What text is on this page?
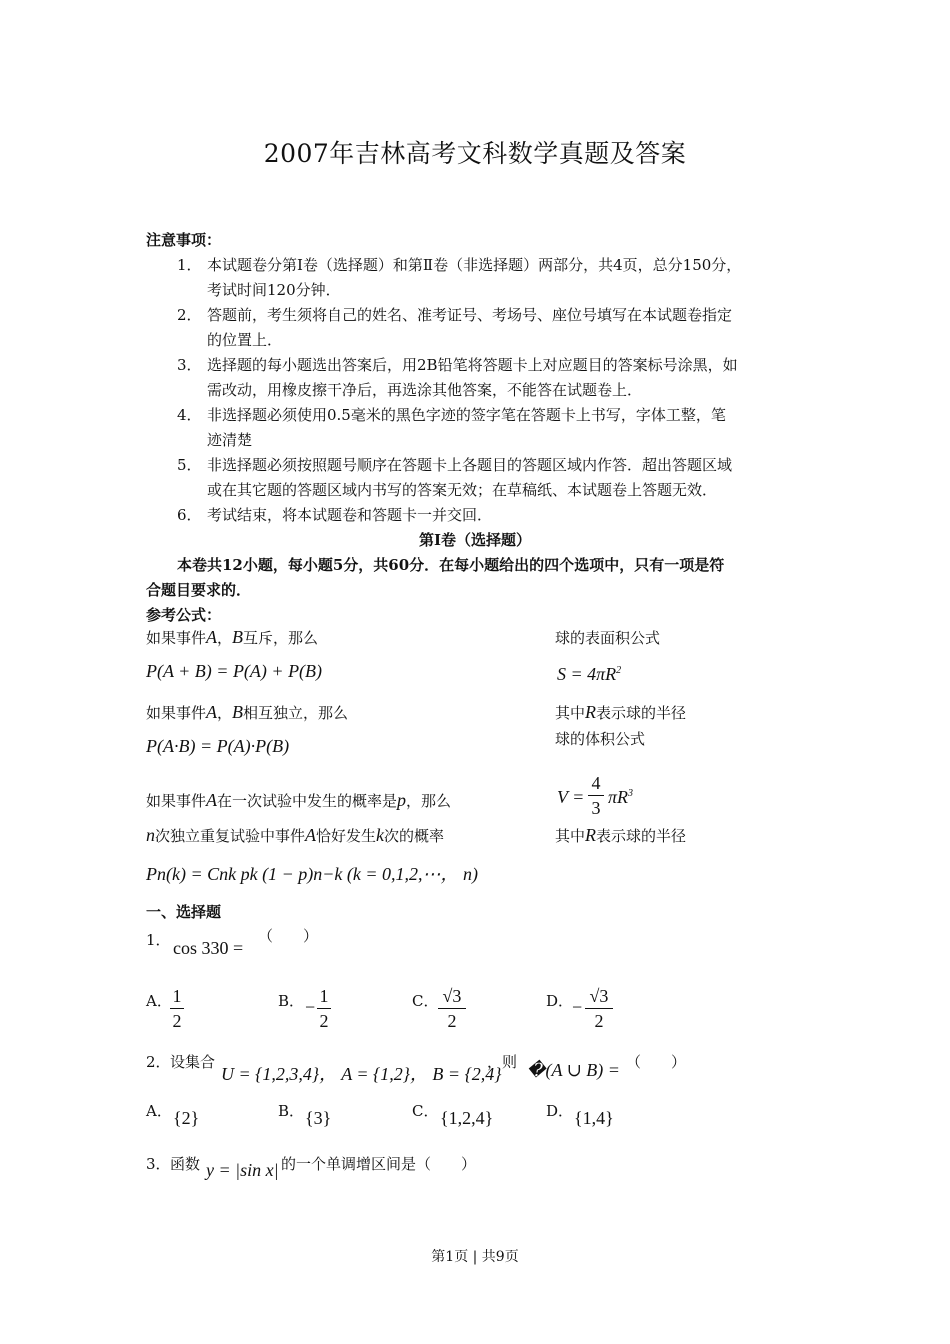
2007年吉林高考文科数学真题及答案
注意事项：
1． 本试题卷分第Ⅰ卷（选择题）和第Ⅱ卷（非选择题）两部分，共4页，总分150分，
考试时间120分钟．
2． 答题前，考生须将自己的姓名、准考证号、考场号、座位号填写在本试题卷指定
的位置上．
3． 选择题的每小题选出答案后，用2B铅笔将答题卡上对应题目的答案标号涂黑，如
需改动，用橡皮擦干净后，再选涂其他答案，不能答在试题卷上．
4． 非选择题必须使用0.5毫米的黑色字迹的签字笔在答题卡上书写，字体工整，笔
迹清楚
5． 非选择题必须按照题号顺序在答题卡上各题目的答题区域内作答．超出答题区域
或在其它题的答题区域内书写的答案无效；在草稿纸、本试题卷上答题无效．
6． 考试结束，将本试题卷和答题卡一并交回．
第Ⅰ卷（选择题）
本卷共12小题，每小题5分，共60分．在每小题给出的四个选项中，只有一项是符
合题目要求的．
参考公式：
如果事件A，B互斥，那么
P(A + B) = P(A) + P(B)
如果事件A，B相互独立，那么
P(A·B) = P(A)·P(B)
如果事件A在一次试验中发生的概率是p，那么
n次独立重复试验中事件A恰好发生k次的概率
Pn(k) = Cnk pk (1 − p)n−k (k = 0,1,2,⋯， n)
球的表面积公式
$S = 4\pi R^2$
其中R表示球的半径
球的体积公式
V =
4
3
$\pi R^3$
其中R表示球的半径
一、选择题
1． cos 330 =
（　　）
A． 1
2
B． −
1
2
C． √3
2
D．
−
√3
2
2． 设集合
U = {1,2,3,4}， A = {1,2}， B = {2,4}
，则 �(A ∪ B) = （　　）
A． {2}	B． {3}	C． {1,2,4}	D． {1,4}
3． 函数 y = |sin x| 的一个单调增区间是（　　）
第1页 | 共9页
